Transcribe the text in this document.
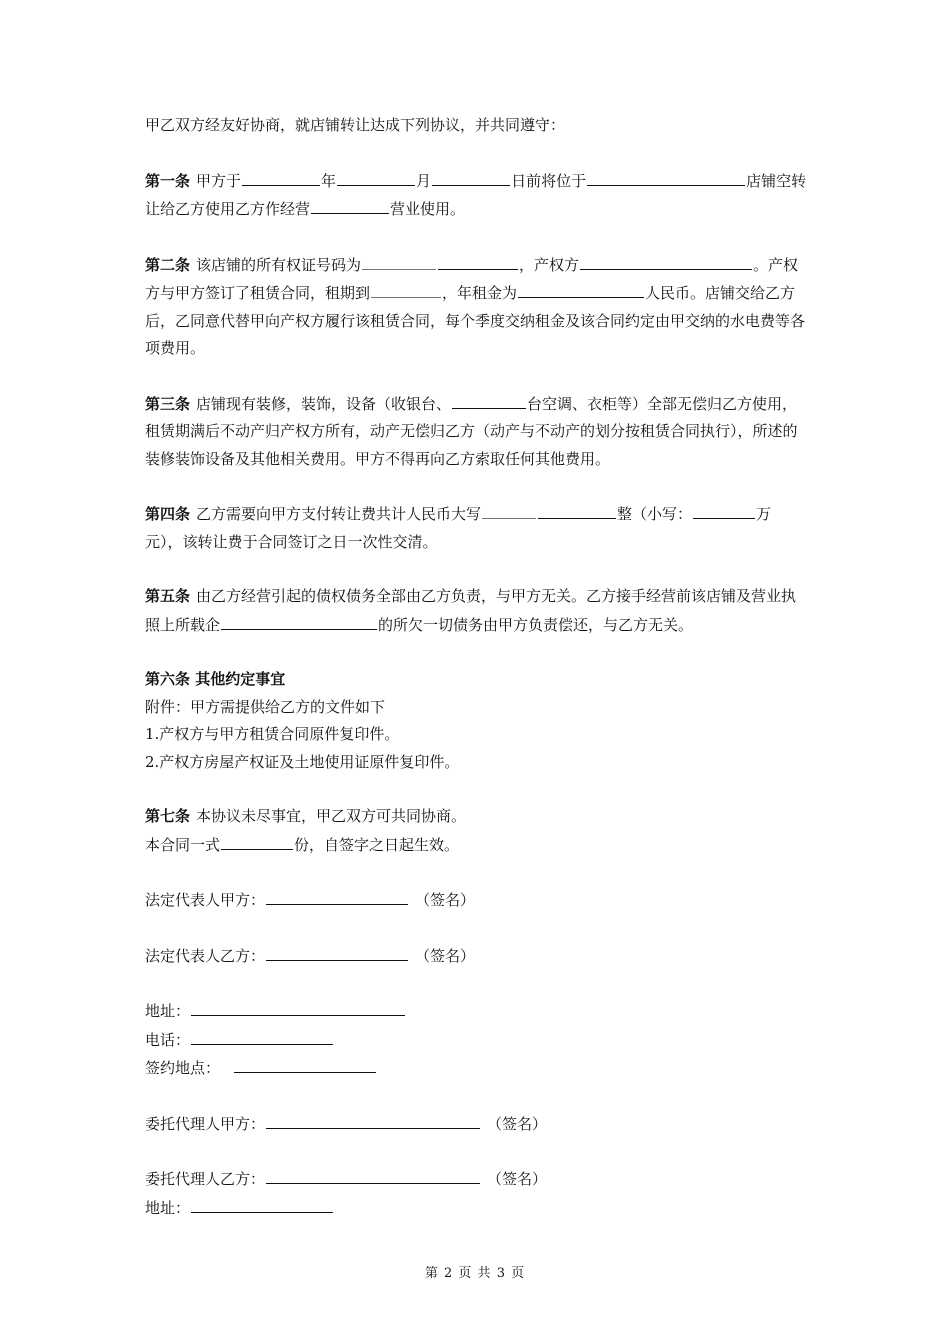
甲乙双方经友好协商，就店铺转让达成下列协议，并共同遵守：

第一条 甲方于	年	月	日前将位于	店铺空转让给乙方使用乙方作经营	营业使用。

第二条 该店铺的所有权证号码为	，产权方	。产权方与甲方签订了租赁合同，租期到	，年租金为	人民币。店铺交给乙方后，乙同意代替甲向产权方履行该租赁合同，每个季度交纳租金及该合同约定由甲交纳的水电费等各项费用。

第三条 店铺现有装修，装饰，设备（收银台、	台空调、衣柜等）全部无偿归乙方使用，租赁期满后不动产归产权方所有，动产无偿归乙方（动产与不动产的划分按租赁合同执行），所述的装修装饰设备及其他相关费用。甲方不得再向乙方索取任何其他费用。

第四条 乙方需要向甲方支付转让费共计人民币大写	整（小写：	万 元），该转让费于合同签订之日一次性交清。

第五条 由乙方经营引起的债权债务全部由乙方负责，与甲方无关。乙方接手经营前该店铺及营业执照上所载企	的所欠一切债务由甲方负责偿还，与乙方无关。

第六条 其他约定事宜

附件：甲方需提供给乙方的文件如下

1.产权方与甲方租赁合同原件复印件。

2.产权方房屋产权证及土地使用证原件复印件。

第七条 本协议未尽事宜，甲乙双方可共同协商。

本合同一式	份，自签字之日起生效。

法定代表人甲方：	（签名）

法定代表人乙方：	（签名）

地址：

电话：

签约地点：

委托代理人甲方：	（签名）

委托代理人乙方：	（签名）

地址：

第 2 页 共 3 页
